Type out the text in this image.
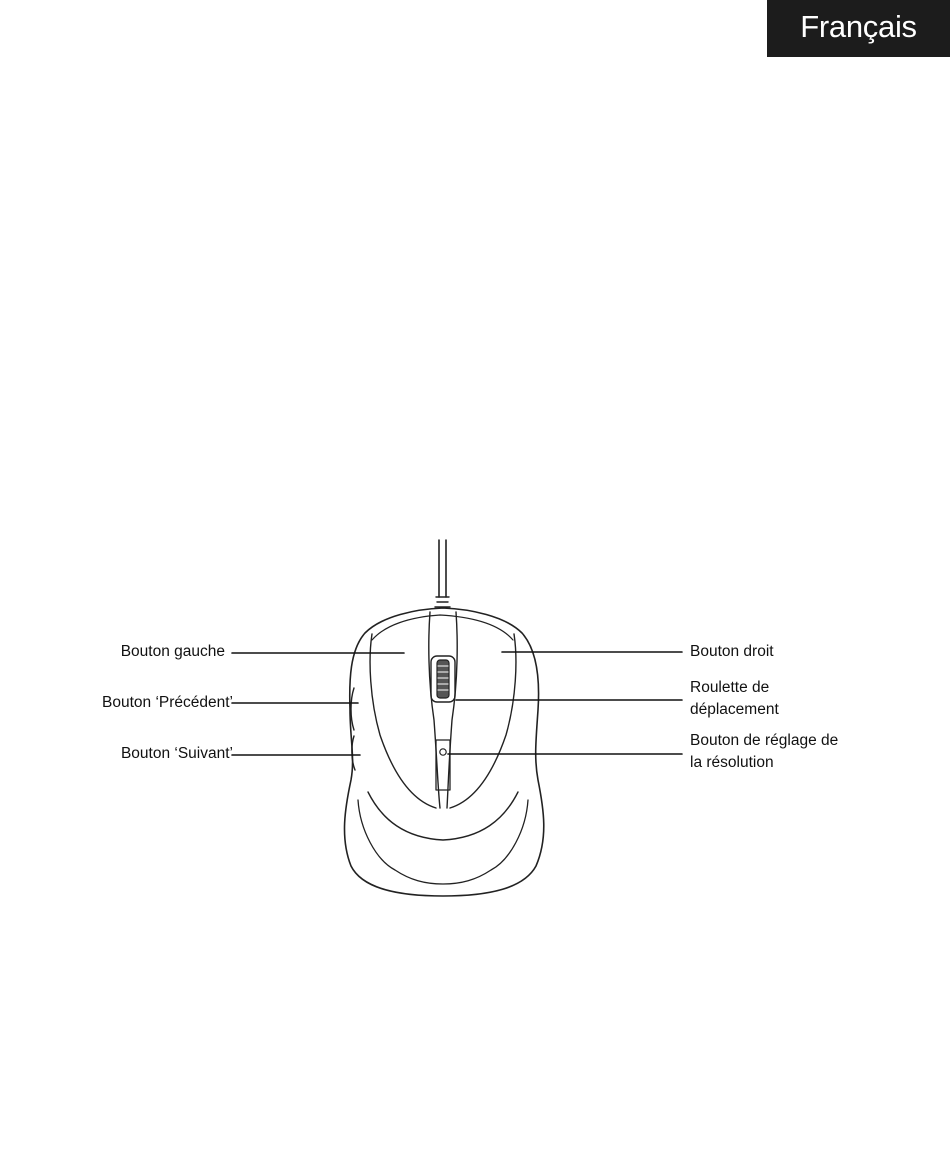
Français
Bouton gauche
Bouton ‘Précédent’
Bouton ‘Suivant’
Bouton droit
Roulette de
déplacement
Bouton de réglage de
la résolution
